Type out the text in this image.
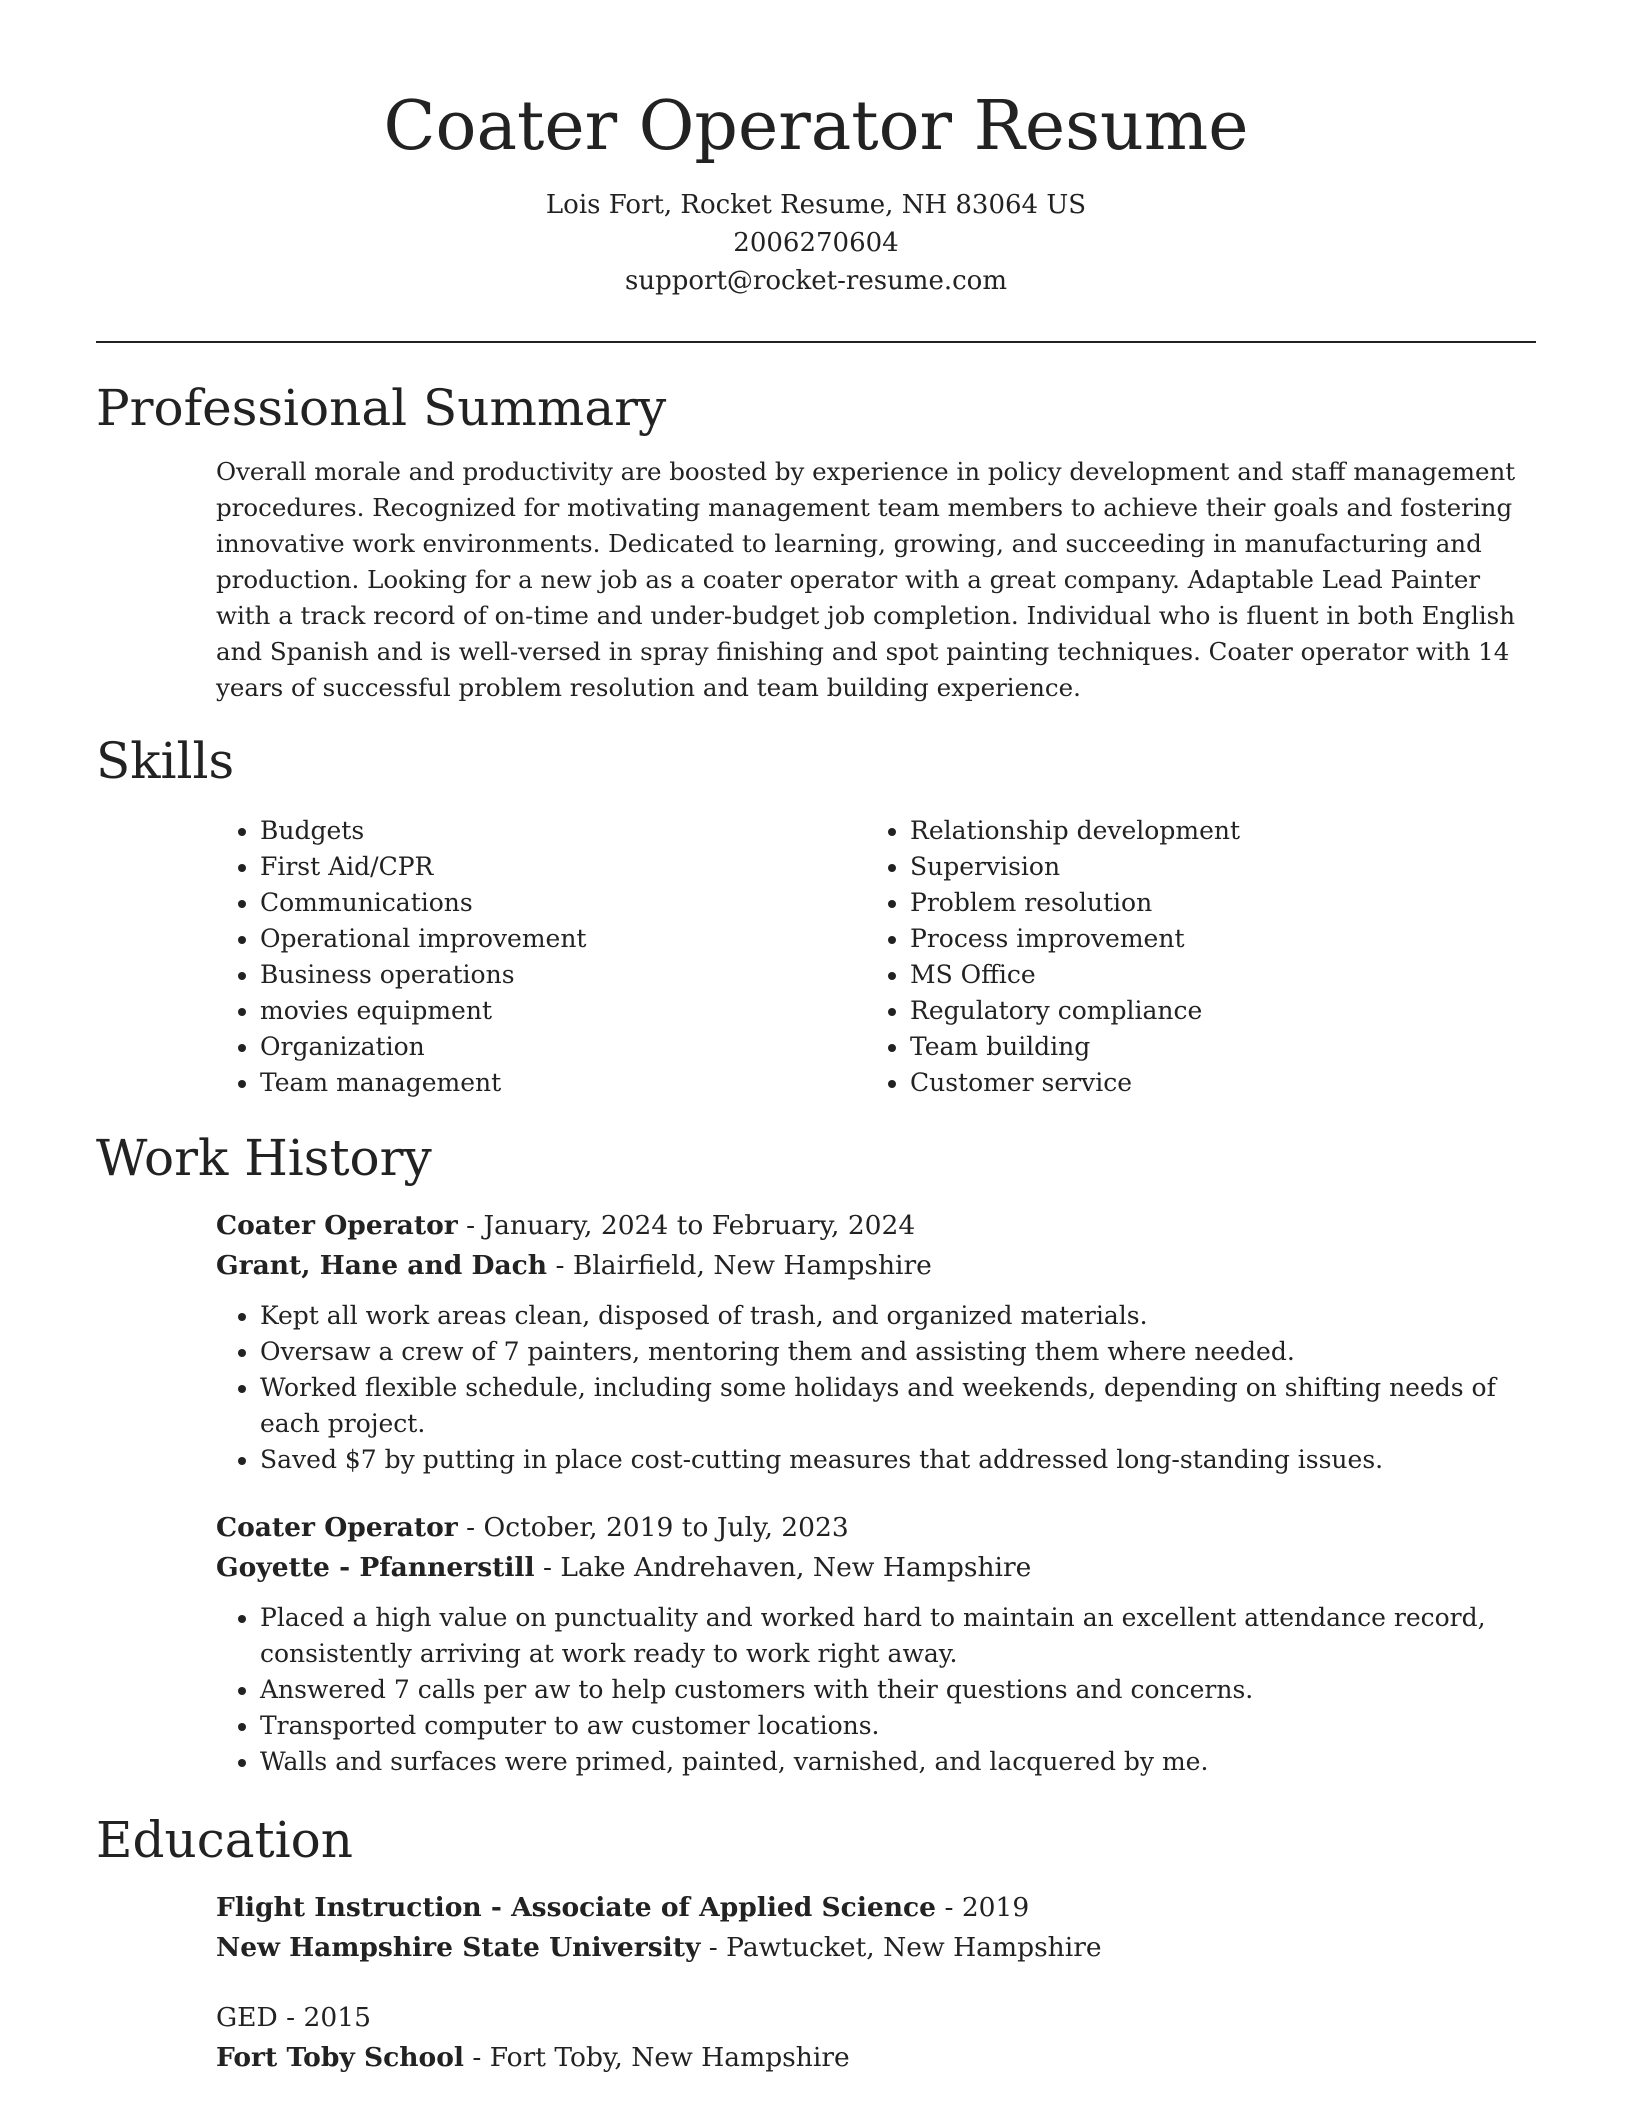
Coater Operator Resume
Lois Fort, Rocket Resume, NH 83064 US
2006270604
support@rocket-resume.com
Professional Summary
Overall morale and productivity are boosted by experience in policy development and staff management procedures. Recognized for motivating management team members to achieve their goals and fostering innovative work environments. Dedicated to learning, growing, and succeeding in manufacturing and production. Looking for a new job as a coater operator with a great company. Adaptable Lead Painter with a track record of on-time and under-budget job completion. Individual who is fluent in both English and Spanish and is well-versed in spray finishing and spot painting techniques. Coater operator with 14 years of successful problem resolution and team building experience.
Skills
• Budgets
• First Aid/CPR
• Communications
• Operational improvement
• Business operations
• movies equipment
• Organization
• Team management
• Relationship development
• Supervision
• Problem resolution
• Process improvement
• MS Office
• Regulatory compliance
• Team building
• Customer service
Work History
Coater Operator - January, 2024 to February, 2024
Grant, Hane and Dach - Blairfield, New Hampshire
• Kept all work areas clean, disposed of trash, and organized materials.
• Oversaw a crew of 7 painters, mentoring them and assisting them where needed.
• Worked flexible schedule, including some holidays and weekends, depending on shifting needs of each project.
• Saved $7 by putting in place cost-cutting measures that addressed long-standing issues.
Coater Operator - October, 2019 to July, 2023
Goyette - Pfannerstill - Lake Andrehaven, New Hampshire
• Placed a high value on punctuality and worked hard to maintain an excellent attendance record, consistently arriving at work ready to work right away.
• Answered 7 calls per aw to help customers with their questions and concerns.
• Transported computer to aw customer locations.
• Walls and surfaces were primed, painted, varnished, and lacquered by me.
Education
Flight Instruction - Associate of Applied Science - 2019
New Hampshire State University - Pawtucket, New Hampshire
GED - 2015
Fort Toby School - Fort Toby, New Hampshire
